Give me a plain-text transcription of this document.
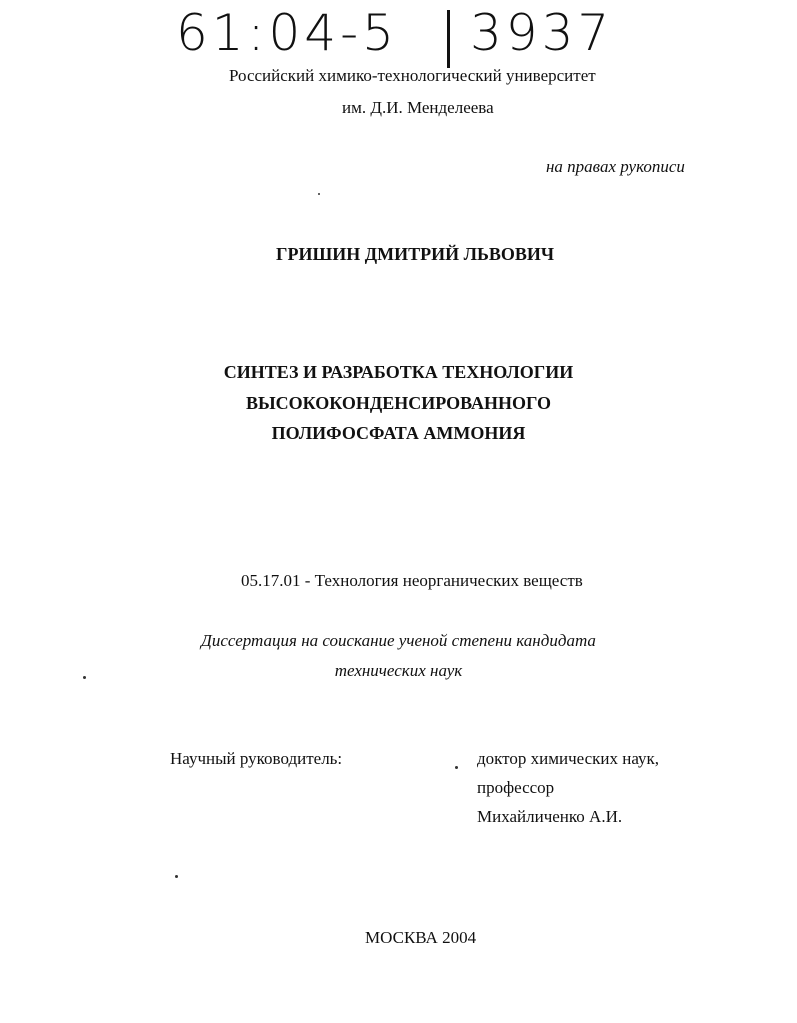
61:04-5 3937
Российский химико-технологический университет
им. Д.И. Менделеева
на правах рукописи
ГРИШИН ДМИТРИЙ ЛЬВОВИЧ
СИНТЕЗ И РАЗРАБОТКА ТЕХНОЛОГИИ
ВЫСОКОКОНДЕНСИРОВАННОГО
ПОЛИФОСФАТА АММОНИЯ
05.17.01 - Технология неорганических веществ
Диссертация на соискание ученой степени кандидата
технических наук
Научный руководитель:	доктор химических наук,
профессор
Михайличенко А.И.
МОСКВА 2004
